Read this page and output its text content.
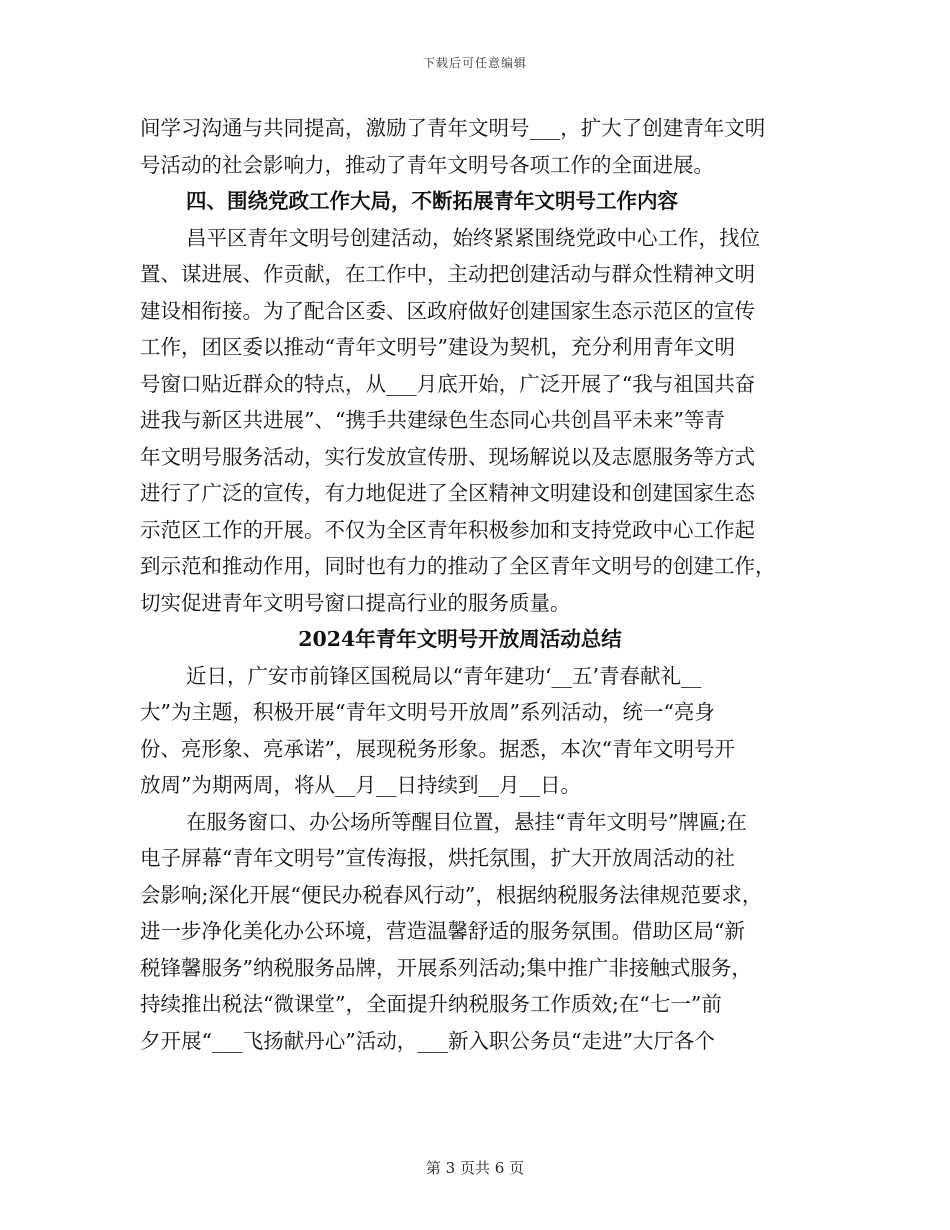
下载后可任意编辑
间学习沟通与共同提高，激励了青年文明号___，扩大了创建青年文明
号活动的社会影响力，推动了青年文明号各项工作的全面进展。
四、围绕党政工作大局，不断拓展青年文明号工作内容
昌平区青年文明号创建活动，始终紧紧围绕党政中心工作，找位
置、谋进展、作贡献，在工作中，主动把创建活动与群众性精神文明
建设相衔接。为了配合区委、区政府做好创建国家生态示范区的宣传
工作，团区委以推动“青年文明号”建设为契机，充分利用青年文明
号窗口贴近群众的特点，从___月底开始，广泛开展了“我与祖国共奋
进我与新区共进展”、“携手共建绿色生态同心共创昌平未来”等青
年文明号服务活动，实行发放宣传册、现场解说以及志愿服务等方式
进行了广泛的宣传，有力地促进了全区精神文明建设和创建国家生态
示范区工作的开展。不仅为全区青年积极参加和支持党政中心工作起
到示范和推动作用，同时也有力的推动了全区青年文明号的创建工作，
切实促进青年文明号窗口提高行业的服务质量。
2024年青年文明号开放周活动总结
近日，广安市前锋区国税局以“青年建功‘__五’青春献礼__
大”为主题，积极开展“青年文明号开放周”系列活动，统一“亮身
份、亮形象、亮承诺”，展现税务形象。据悉，本次“青年文明号开
放周”为期两周，将从__月__日持续到__月__日。
在服务窗口、办公场所等醒目位置，悬挂“青年文明号”牌匾;在
电子屏幕“青年文明号”宣传海报，烘托氛围，扩大开放周活动的社
会影响;深化开展“便民办税春风行动”，根据纳税服务法律规范要求，
进一步净化美化办公环境，营造温馨舒适的服务氛围。借助区局“新
税锋馨服务”纳税服务品牌，开展系列活动;集中推广非接触式服务，
持续推出税法“微课堂”，全面提升纳税服务工作质效;在“七一”前
夕开展“___飞扬献丹心”活动，___新入职公务员“走进”大厅各个
第 3 页共 6 页
